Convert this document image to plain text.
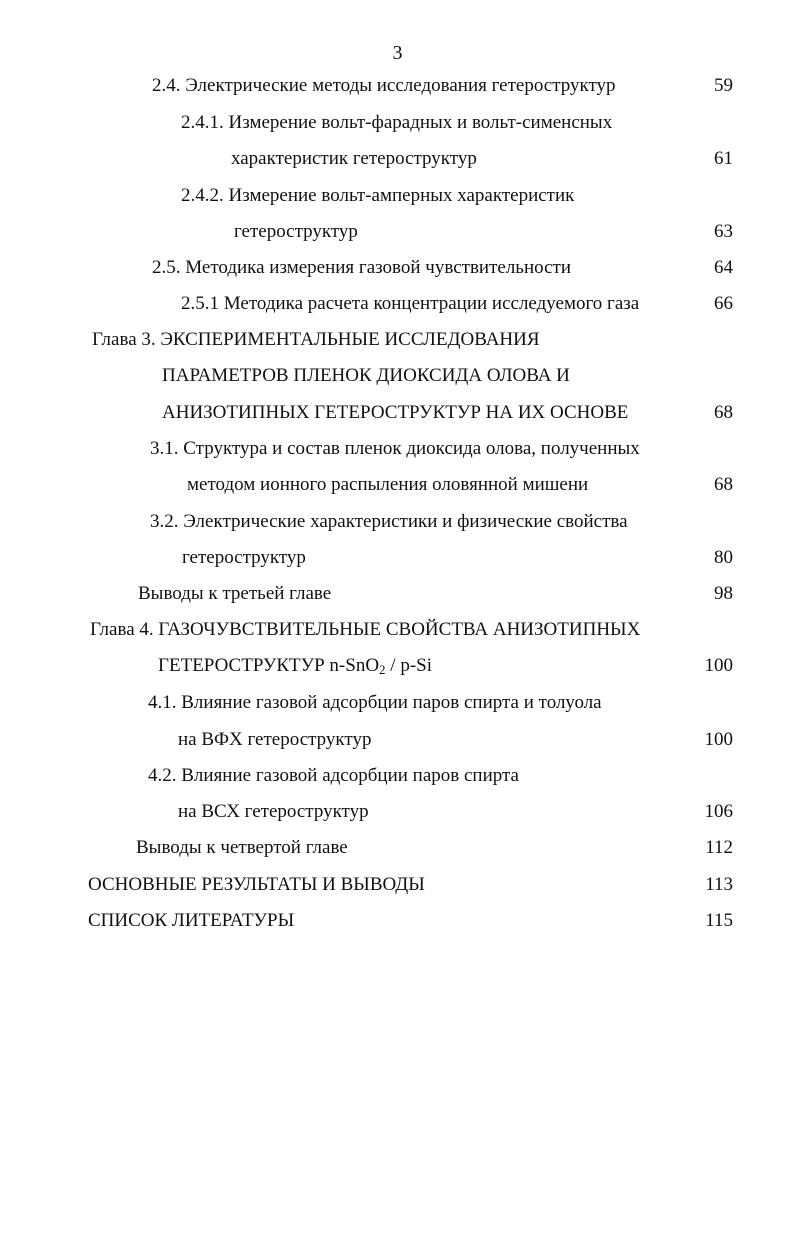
3
2.4. Электрические методы исследования гетероструктур	59
2.4.1. Измерение вольт-фарадных и вольт-сименсных
характеристик гетероструктур	61
2.4.2. Измерение вольт-амперных характеристик
гетероструктур	63
2.5. Методика измерения газовой чувствительности	64
2.5.1 Методика расчета концентрации исследуемого газа	66
Глава 3. ЭКСПЕРИМЕНТАЛЬНЫЕ ИССЛЕДОВАНИЯ
ПАРАМЕТРОВ ПЛЕНОК ДИОКСИДА ОЛОВА И
АНИЗОТИПНЫХ ГЕТЕРОСТРУКТУР НА ИХ ОСНОВЕ	68
3.1. Структура и состав пленок диоксида олова, полученных
методом ионного распыления оловянной мишени	68
3.2. Электрические характеристики и физические свойства
гетероструктур	80
Выводы к третьей главе	98
Глава 4. ГАЗОЧУВСТВИТЕЛЬНЫЕ СВОЙСТВА АНИЗОТИПНЫХ
ГЕТЕРОСТРУКТУР n-SnO$_2$ / p-Si	100
4.1. Влияние газовой адсорбции паров спирта и толуола
на ВФХ гетероструктур	100
4.2. Влияние газовой адсорбции паров спирта
на ВСХ гетероструктур	106
Выводы к четвертой главе	112
ОСНОВНЫЕ РЕЗУЛЬТАТЫ И ВЫВОДЫ	113
СПИСОК ЛИТЕРАТУРЫ	115
